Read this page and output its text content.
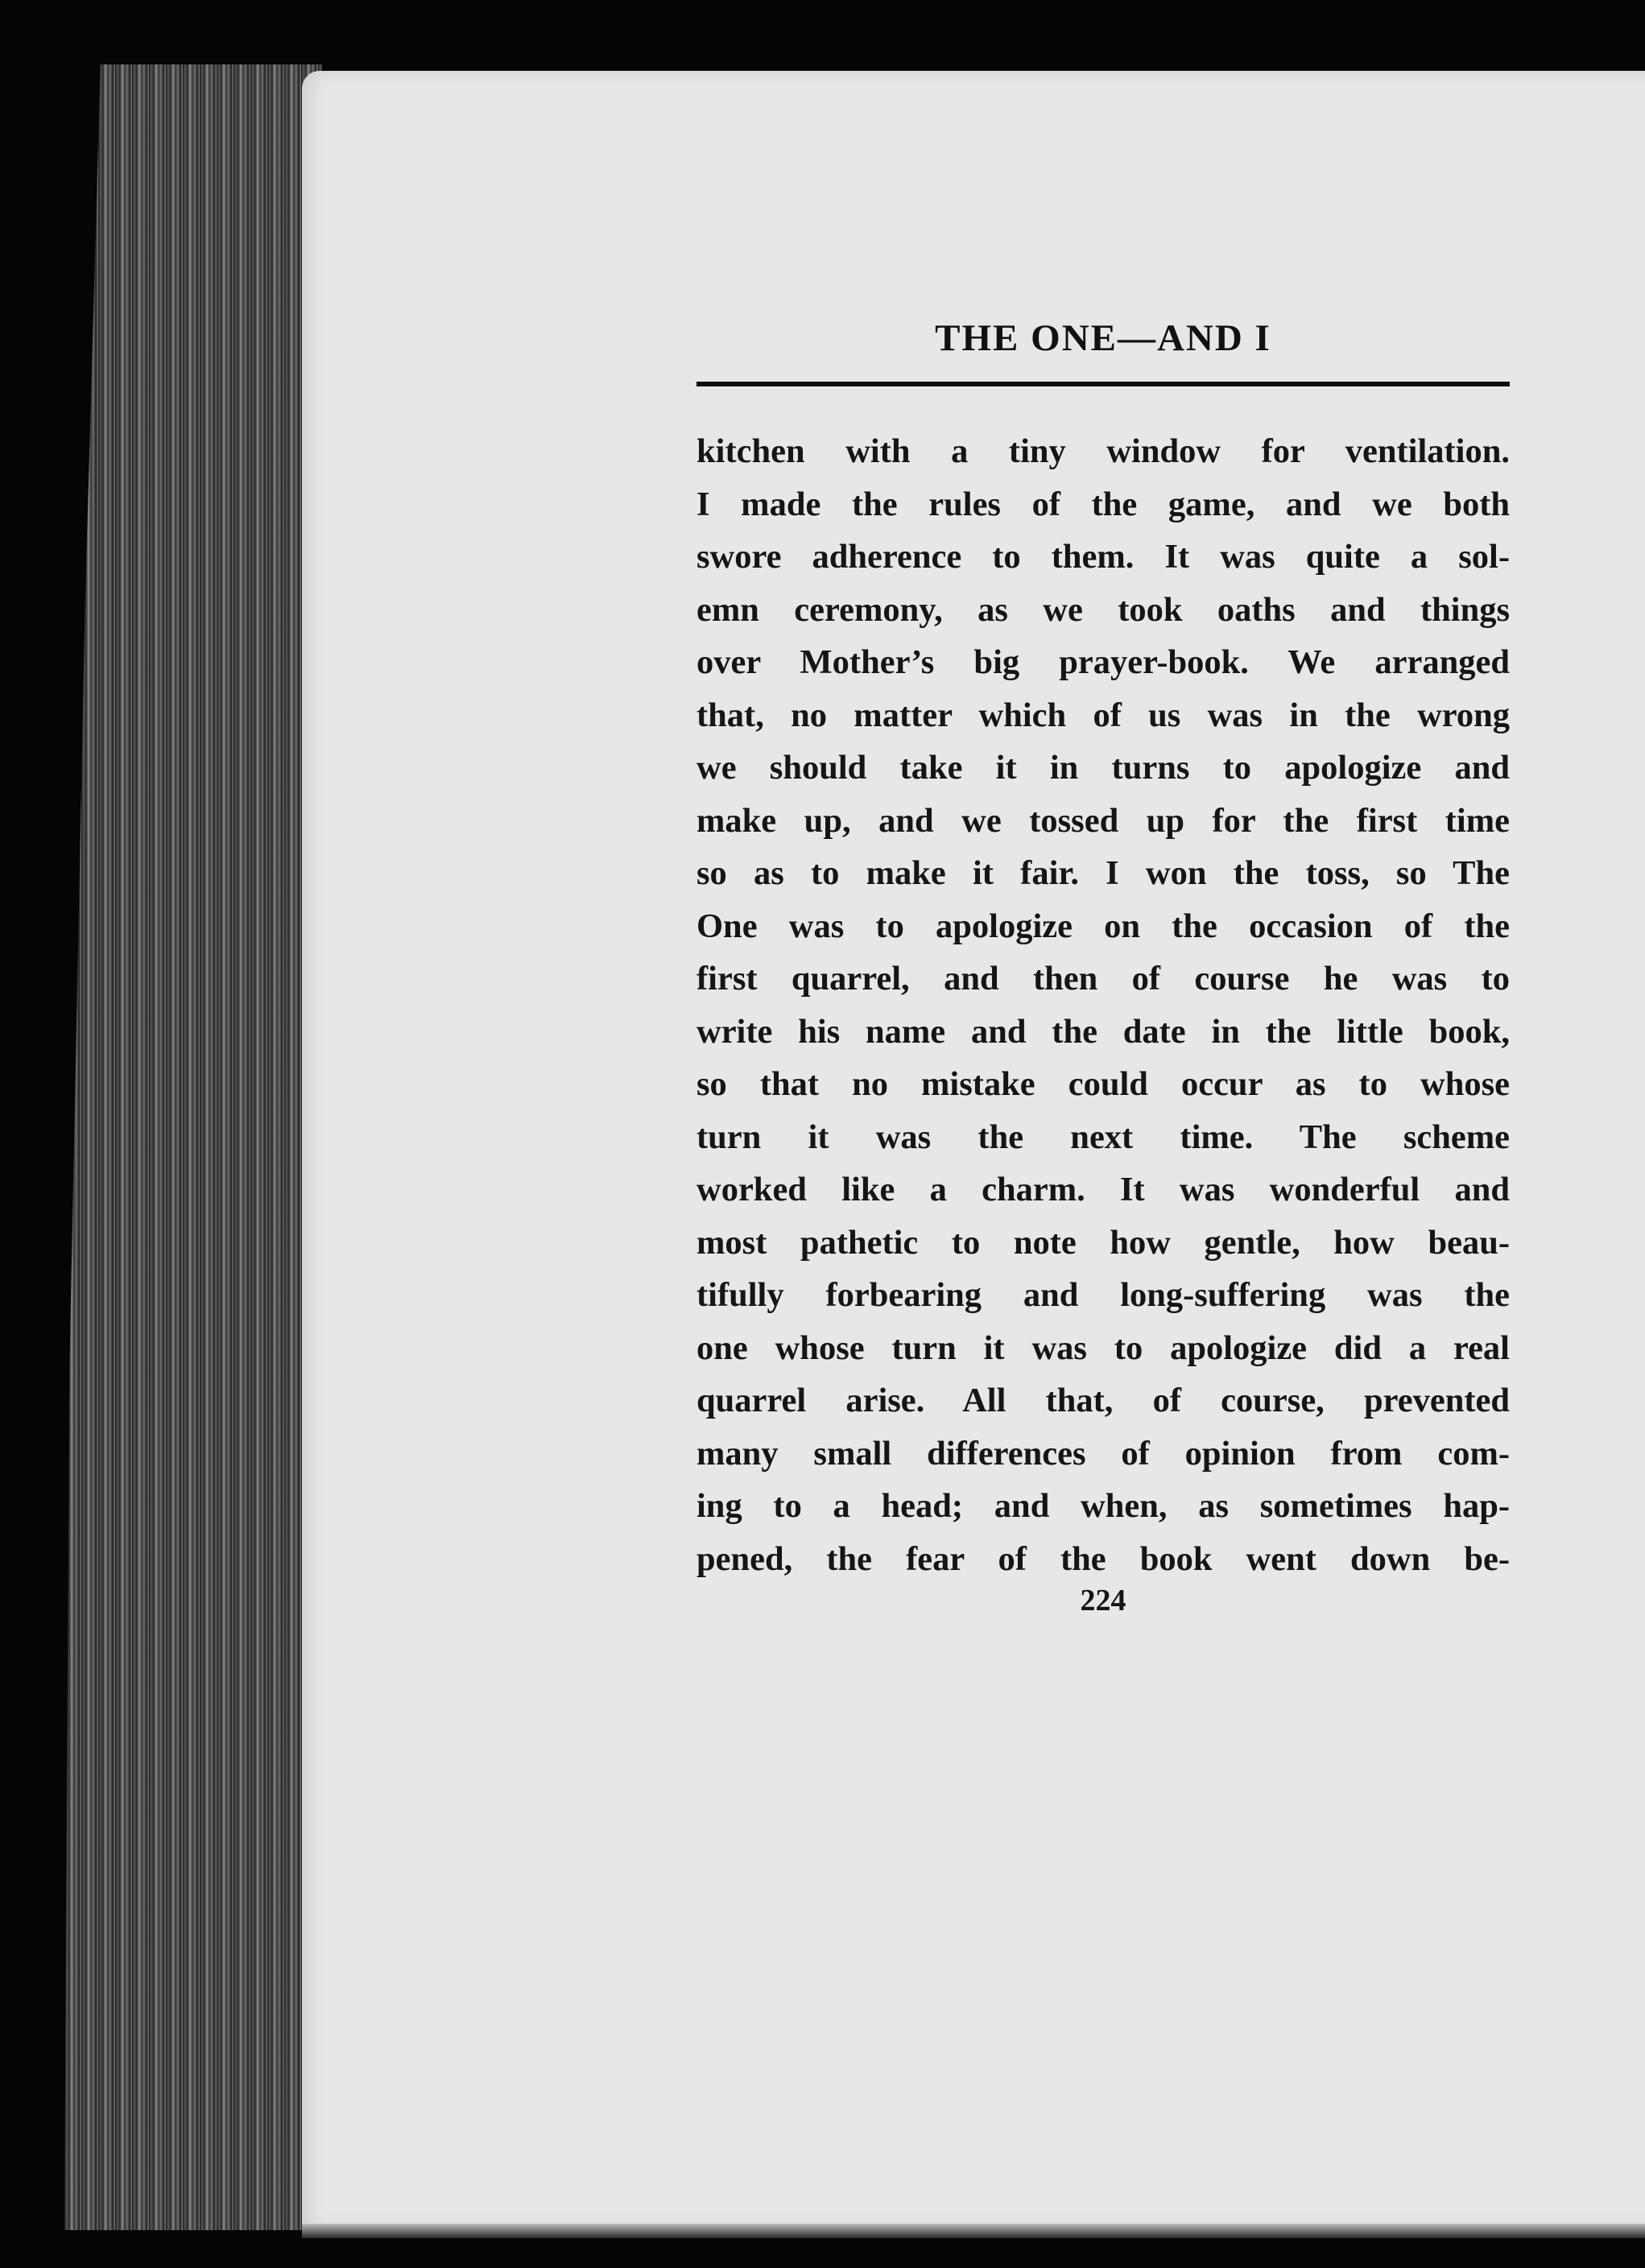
THE ONE—AND I
kitchen with a tiny window for ventilation.
I made the rules of the game, and we both
swore adherence to them. It was quite a sol-
emn ceremony, as we took oaths and things
over Mother’s big prayer-book. We arranged
that, no matter which of us was in the wrong
we should take it in turns to apologize and
make up, and we tossed up for the first time
so as to make it fair. I won the toss, so The
One was to apologize on the occasion of the
first quarrel, and then of course he was to
write his name and the date in the little book,
so that no mistake could occur as to whose
turn it was the next time. The scheme
worked like a charm. It was wonderful and
most pathetic to note how gentle, how beau-
tifully forbearing and long-suffering was the
one whose turn it was to apologize did a real
quarrel arise. All that, of course, prevented
many small differences of opinion from com-
ing to a head; and when, as sometimes hap-
pened, the fear of the book went down be-
224
